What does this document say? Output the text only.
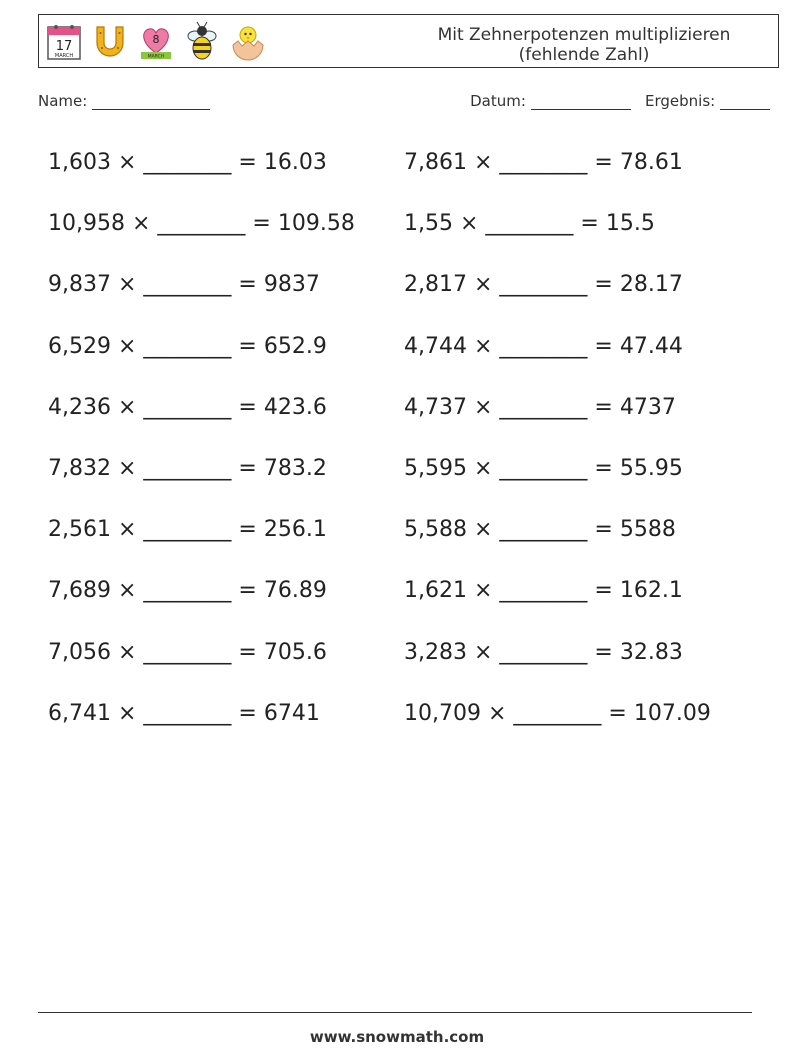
17
MARCH
8
MARCH
Mit Zehnerpotenzen multiplizieren (fehlende Zahl)
Name:	Datum:	Ergebnis:
1,603 × ________ = 16.03	7,861 × ________ = 78.61
10,958 × ________ = 109.58	1,55 × ________ = 15.5
9,837 × ________ = 9837	2,817 × ________ = 28.17
6,529 × ________ = 652.9	4,744 × ________ = 47.44
4,236 × ________ = 423.6	4,737 × ________ = 4737
7,832 × ________ = 783.2	5,595 × ________ = 55.95
2,561 × ________ = 256.1	5,588 × ________ = 5588
7,689 × ________ = 76.89	1,621 × ________ = 162.1
7,056 × ________ = 705.6	3,283 × ________ = 32.83
6,741 × ________ = 6741	10,709 × ________ = 107.09
www.snowmath.com
